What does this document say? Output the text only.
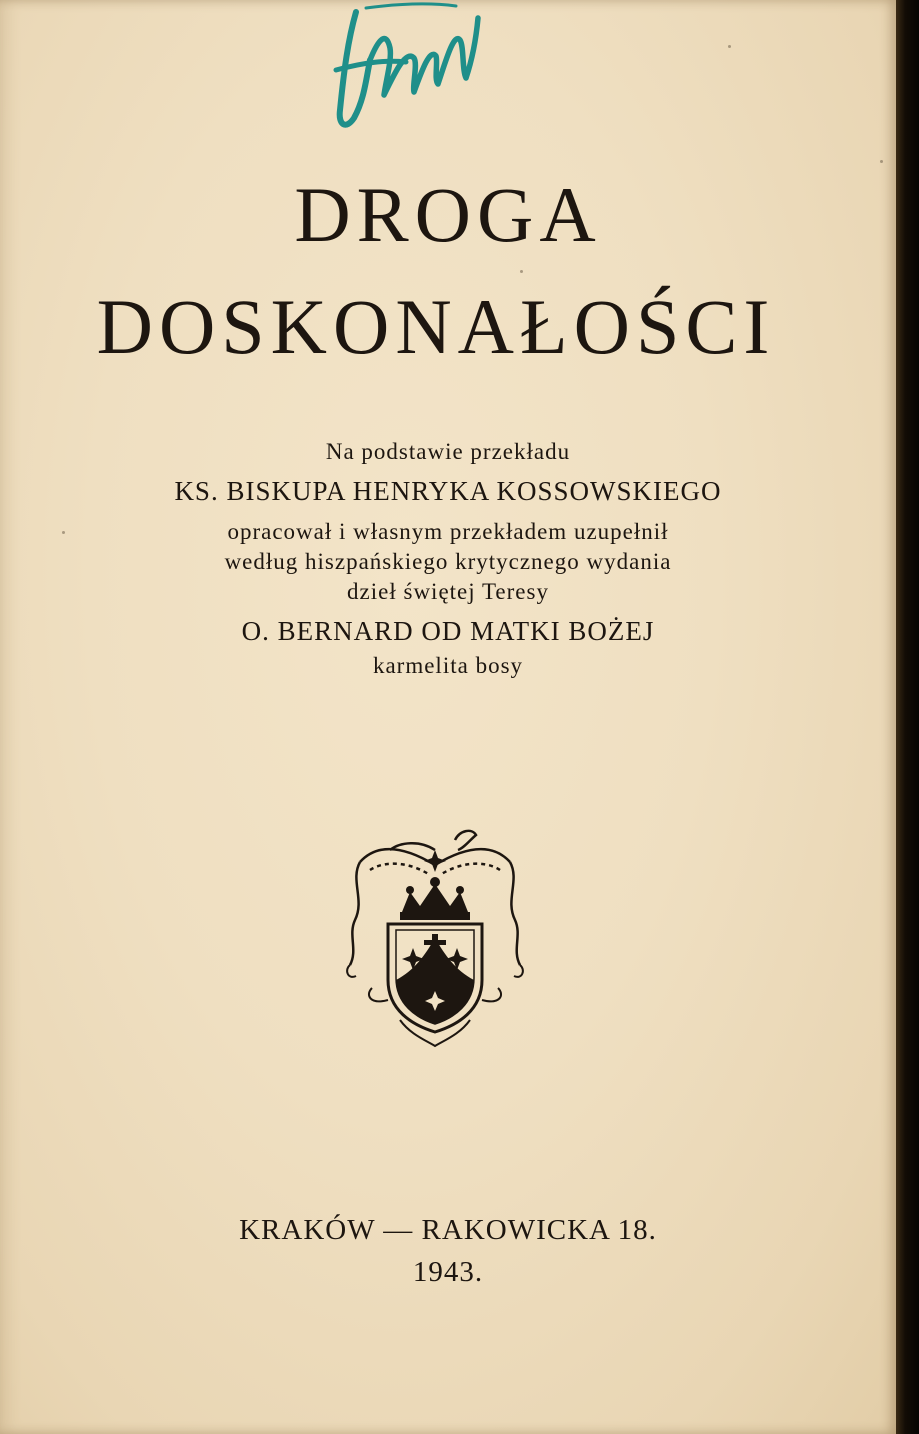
DROGA
DOSKONAŁOŚCI
Na podstawie przekładu
KS. BISKUPA HENRYKA KOSSOWSKIEGO
opracował i własnym przekładem uzupełnił
według hiszpańskiego krytycznego wydania
dzieł świętej Teresy
O. BERNARD OD MATKI BOŻEJ
karmelita bosy
KRAKÓW — RAKOWICKA 18.
1943.
